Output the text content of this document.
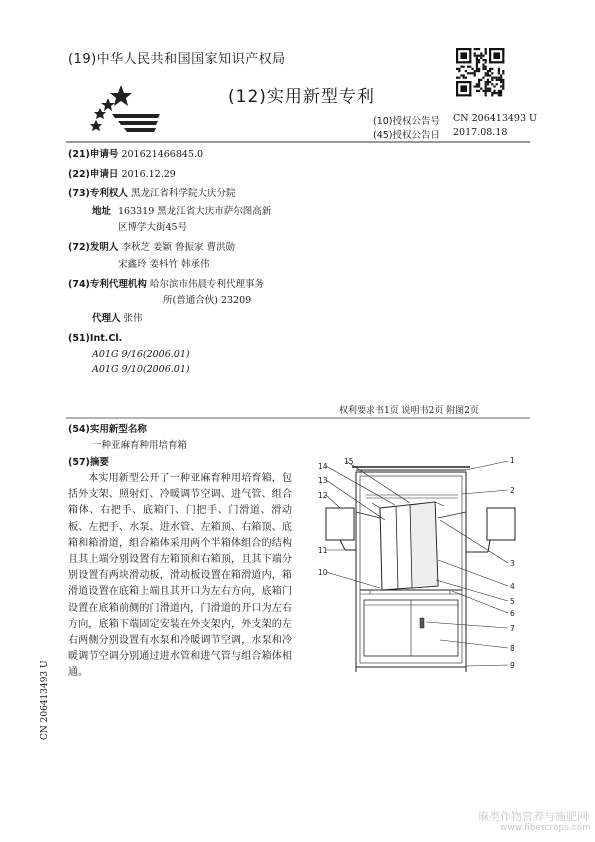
(19)中华人民共和国国家知识产权局
(12)实用新型专利
(10)授权公告号 CN 206413493 U
(45)授权公告日 2017.08.18
(21)申请号 201621466845.0
(22)申请日 2016.12.29
(73)专利权人 黑龙江省科学院大庆分院
地址 163319 黑龙江省大庆市萨尔图高新
区博学大街45号
(72)发明人 李秋芝 姜颖 鲁振家 曹洪勋
宋鑫玲 姜枓竹 韩承伟
(74)专利代理机构 哈尔滨市伟晨专利代理事务
所(普通合伙) 23209
代理人 张伟
(51)Int.Cl.
A01G 9/16(2006.01)
A01G 9/10(2006.01)
权利要求书1页 说明书2页 附图2页
(54)实用新型名称
一种亚麻育种用培育箱
(57)摘要
本实用新型公开了一种亚麻育种用培育箱，包括外支架、照射灯、冷暖调节空调、进气管、组合箱体、右把手、底箱门、门把手、门滑道、滑动板、左把手、水泵、进水管、左箱顶、右箱顶、底箱和箱滑道，组合箱体采用两个半箱体组合的结构且其上端分别设置有左箱顶和右箱顶，且其下端分别设置有两块滑动板，滑动板设置在箱滑道内，箱滑道设置在底箱上端且其开口为左右方向，底箱门设置在底箱前侧的门滑道内，门滑道的开口为左右方向，底箱下端固定安装在外支架内，外支架的左右两侧分别设置有水泵和冷暖调节空调，水泵和冷暖调节空调分别通过进水管和进气管与组合箱体相通。
CN 206413493 U
1
2
3
4
5
6
7
8
9
10
11
12
13
14
15
麻类作物营养与施肥网
www.fibercrops.com
